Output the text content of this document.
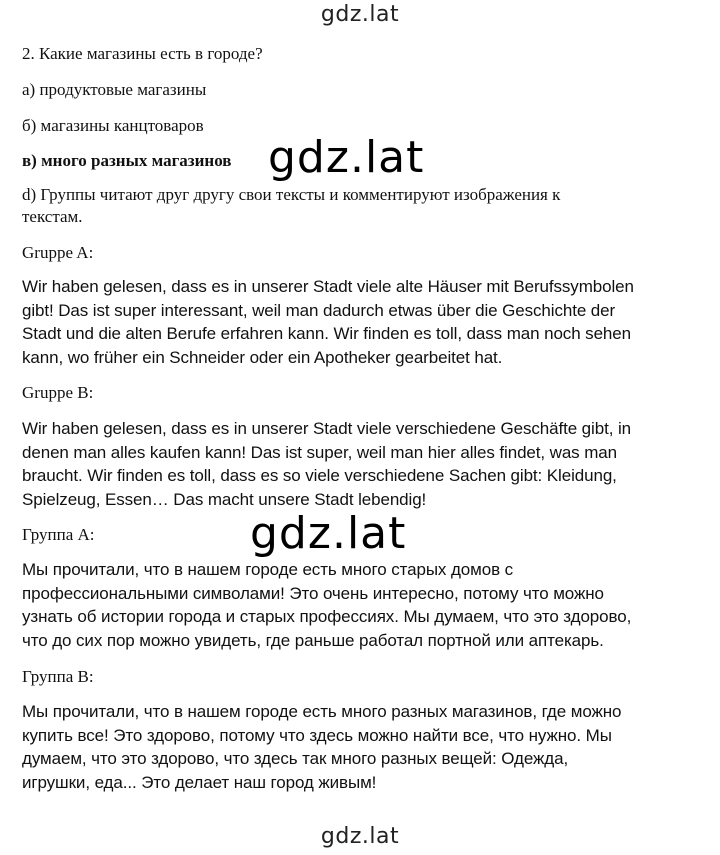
gdz.lat
2. Какие магазины есть в городе?
а) продуктовые магазины
б) магазины канцтоваров
в) много разных магазинов gdz.lat
d) Группы читают друг другу свои тексты и комментируют изображения к
текстам.
Gruppe A:
Wir haben gelesen, dass es in unserer Stadt viele alte Häuser mit Berufssymbolen
gibt! Das ist super interessant, weil man dadurch etwas über die Geschichte der
Stadt und die alten Berufe erfahren kann. Wir finden es toll, dass man noch sehen
kann, wo früher ein Schneider oder ein Apotheker gearbeitet hat.
Gruppe B:
Wir haben gelesen, dass es in unserer Stadt viele verschiedene Geschäfte gibt, in
denen man alles kaufen kann! Das ist super, weil man hier alles findet, was man
braucht. Wir finden es toll, dass es so viele verschiedene Sachen gibt: Kleidung,
Spielzeug, Essen… Das macht unsere Stadt lebendig!
Группа А:	gdz.lat
Мы прочитали, что в нашем городе есть много старых домов с
профессиональными символами! Это очень интересно, потому что можно
узнать об истории города и старых профессиях. Мы думаем, что это здорово,
что до сих пор можно увидеть, где раньше работал портной или аптекарь.
Группа В:
Мы прочитали, что в нашем городе есть много разных магазинов, где можно
купить все! Это здорово, потому что здесь можно найти все, что нужно. Мы
думаем, что это здорово, что здесь так много разных вещей: Одежда,
игрушки, еда... Это делает наш город живым!
gdz.lat
